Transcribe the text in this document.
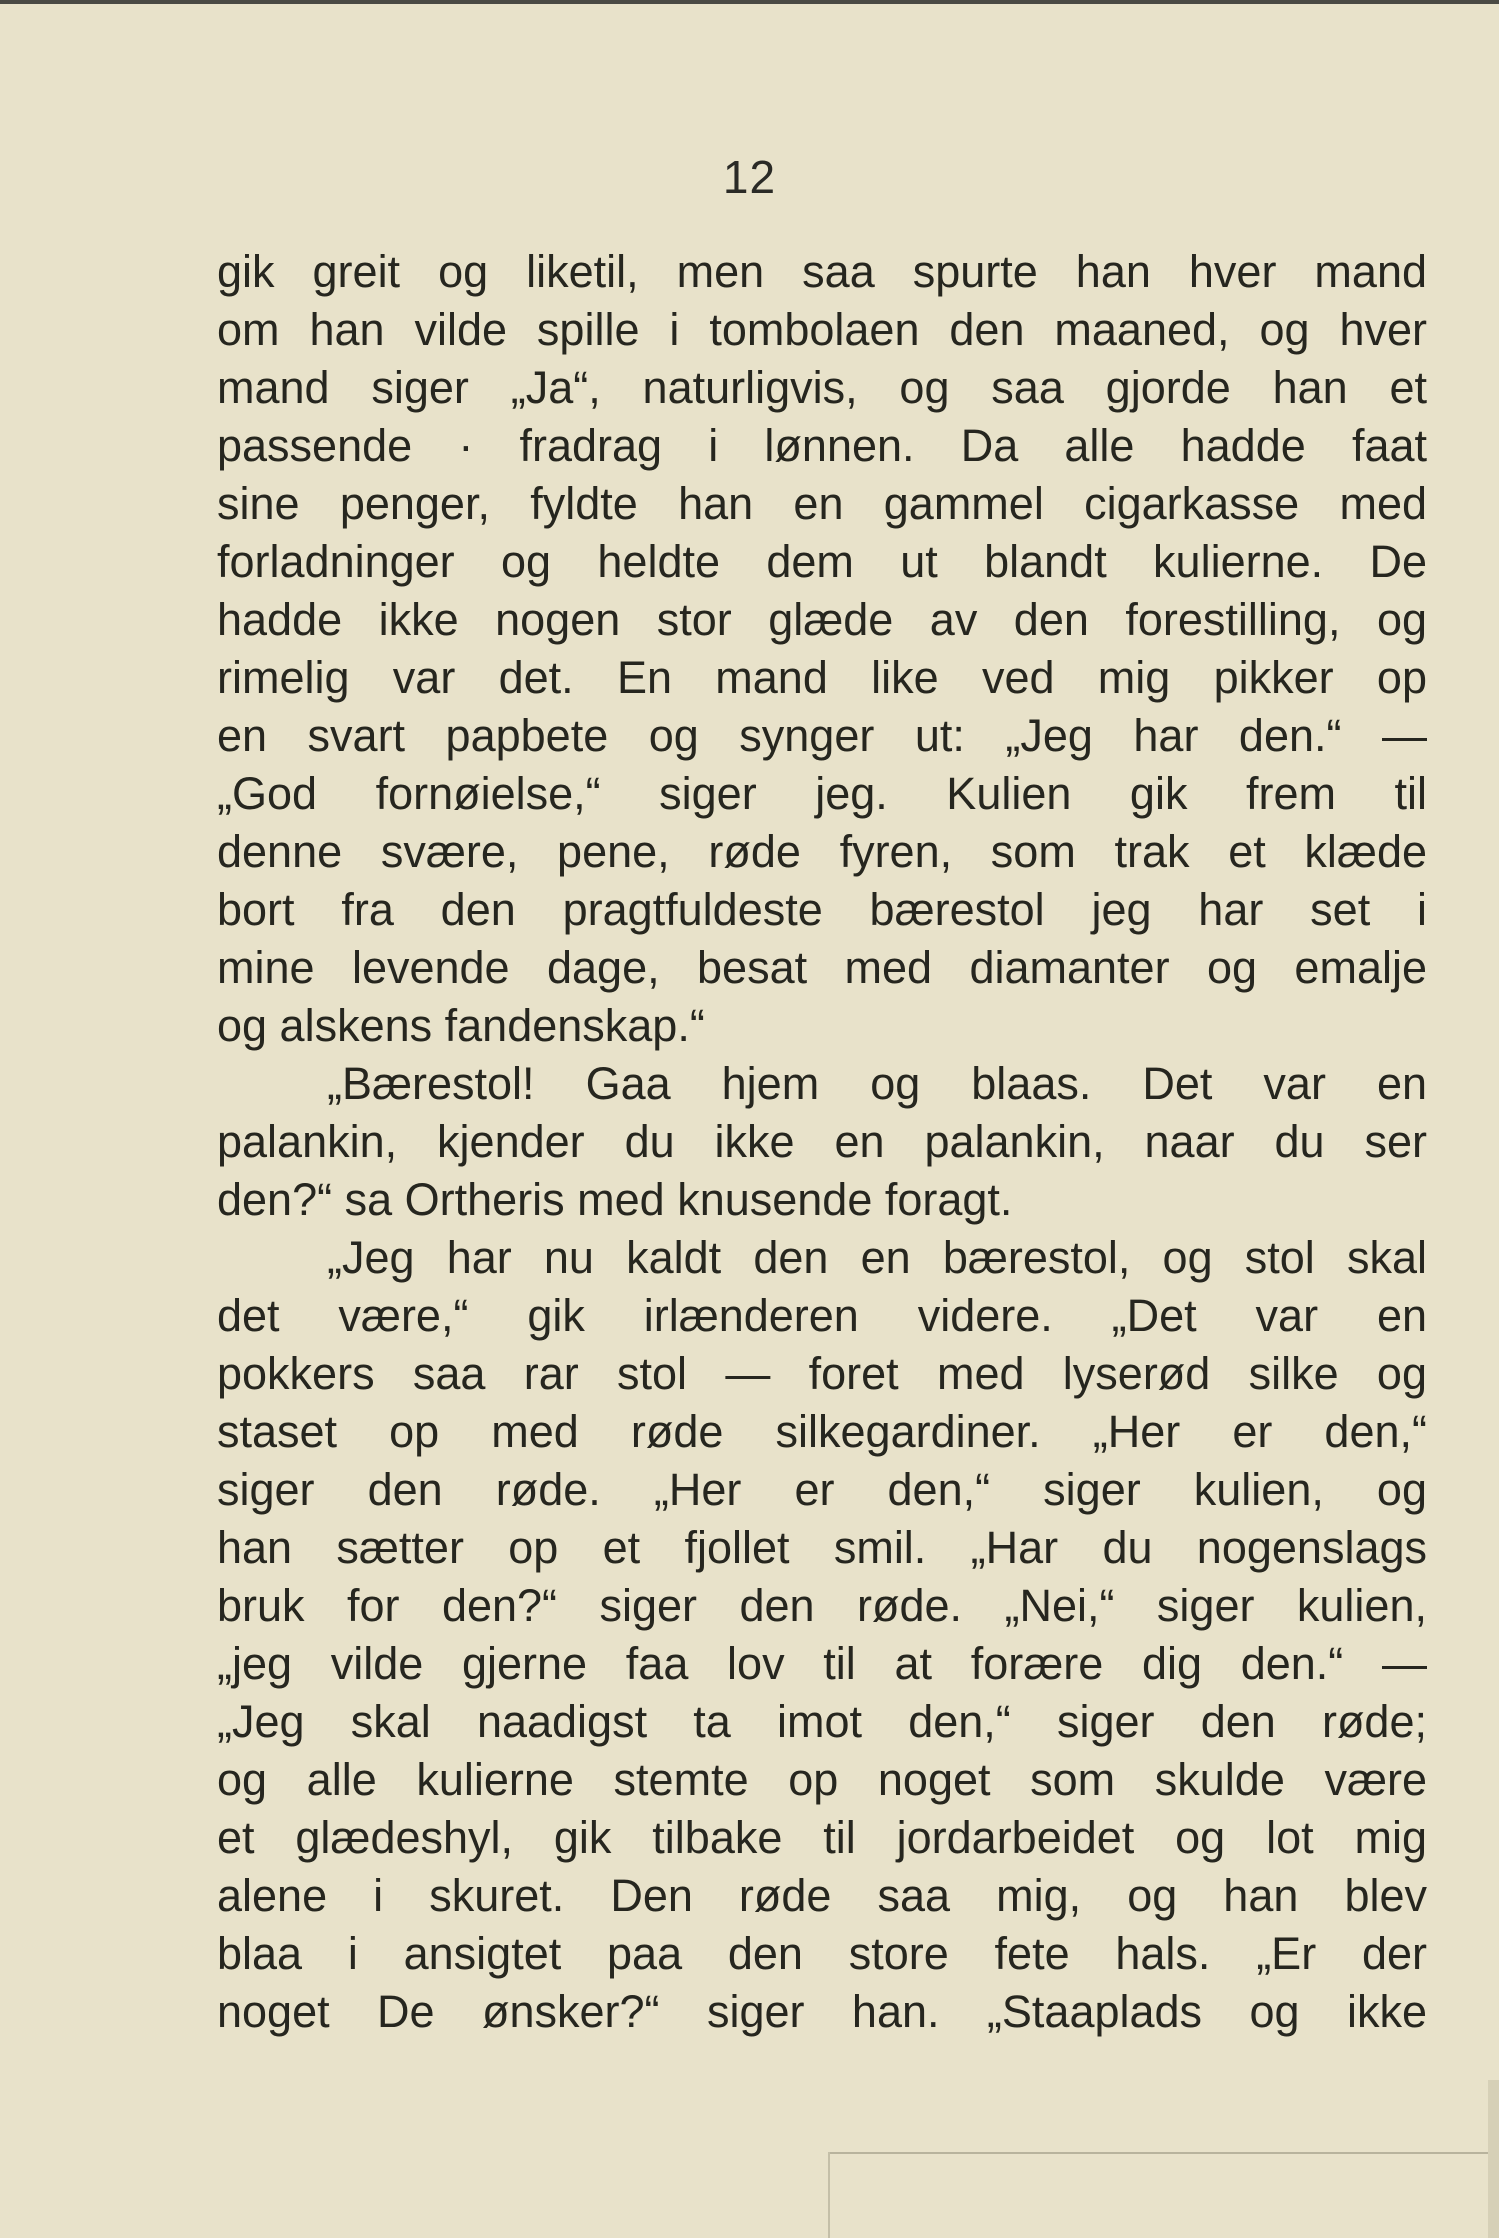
12
gik greit og liketil, men saa spurte han hver mand
om han vilde spille i tombolaen den maaned, og hver
mand siger „Ja“, naturligvis, og saa gjorde han et
passende · fradrag i lønnen. Da alle hadde faat
sine penger, fyldte han en gammel cigarkasse med
forladninger og heldte dem ut blandt kulierne. De
hadde ikke nogen stor glæde av den forestilling, og
rimelig var det. En mand like ved mig pikker op
en svart papbete og synger ut: „Jeg har den.“ —
„God fornøielse,“ siger jeg. Kulien gik frem til
denne svære, pene, røde fyren, som trak et klæde
bort fra den pragtfuldeste bærestol jeg har set i
mine levende dage, besat med diamanter og emalje
og alskens fandenskap.“
„Bærestol! Gaa hjem og blaas. Det var en
palankin, kjender du ikke en palankin, naar du ser
den?“ sa Ortheris med knusende foragt.
„Jeg har nu kaldt den en bærestol, og stol skal
det være,“ gik irlænderen videre. „Det var en
pokkers saa rar stol — foret med lyserød silke og
staset op med røde silkegardiner. „Her er den,“
siger den røde. „Her er den,“ siger kulien, og
han sætter op et fjollet smil. „Har du nogenslags
bruk for den?“ siger den røde. „Nei,“ siger kulien,
„jeg vilde gjerne faa lov til at forære dig den.“ —
„Jeg skal naadigst ta imot den,“ siger den røde;
og alle kulierne stemte op noget som skulde være
et glædeshyl, gik tilbake til jordarbeidet og lot mig
alene i skuret. Den røde saa mig, og han blev
blaa i ansigtet paa den store fete hals. „Er der
noget De ønsker?“ siger han. „Staaplads og ikke
